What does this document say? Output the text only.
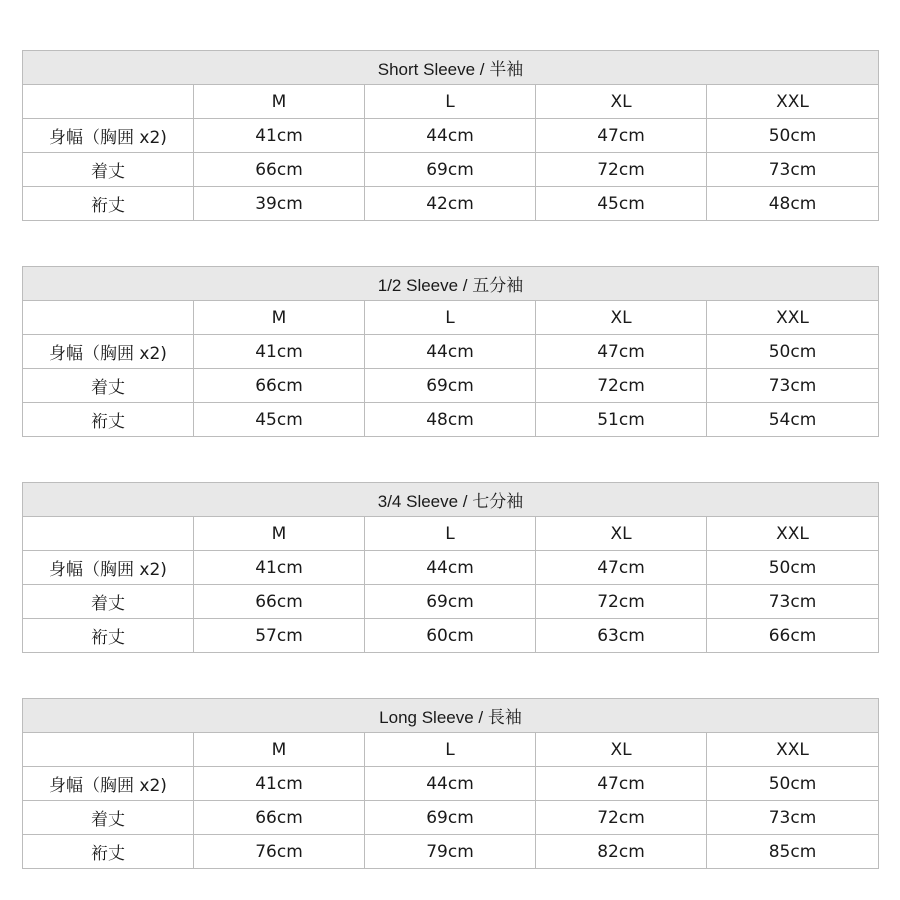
Short Sleeve / 半袖				
	M	L	XL	XXL
身幅（胸囲 x2)	41cm	44cm	47cm	50cm
着丈	66cm	69cm	72cm	73cm
裄丈	39cm	42cm	45cm	48cm
1/2 Sleeve / 五分袖				
	M	L	XL	XXL
身幅（胸囲 x2)	41cm	44cm	47cm	50cm
着丈	66cm	69cm	72cm	73cm
裄丈	45cm	48cm	51cm	54cm
3/4 Sleeve / 七分袖				
	M	L	XL	XXL
身幅（胸囲 x2)	41cm	44cm	47cm	50cm
着丈	66cm	69cm	72cm	73cm
裄丈	57cm	60cm	63cm	66cm
Long Sleeve / 長袖				
	M	L	XL	XXL
身幅（胸囲 x2)	41cm	44cm	47cm	50cm
着丈	66cm	69cm	72cm	73cm
裄丈	76cm	79cm	82cm	85cm
